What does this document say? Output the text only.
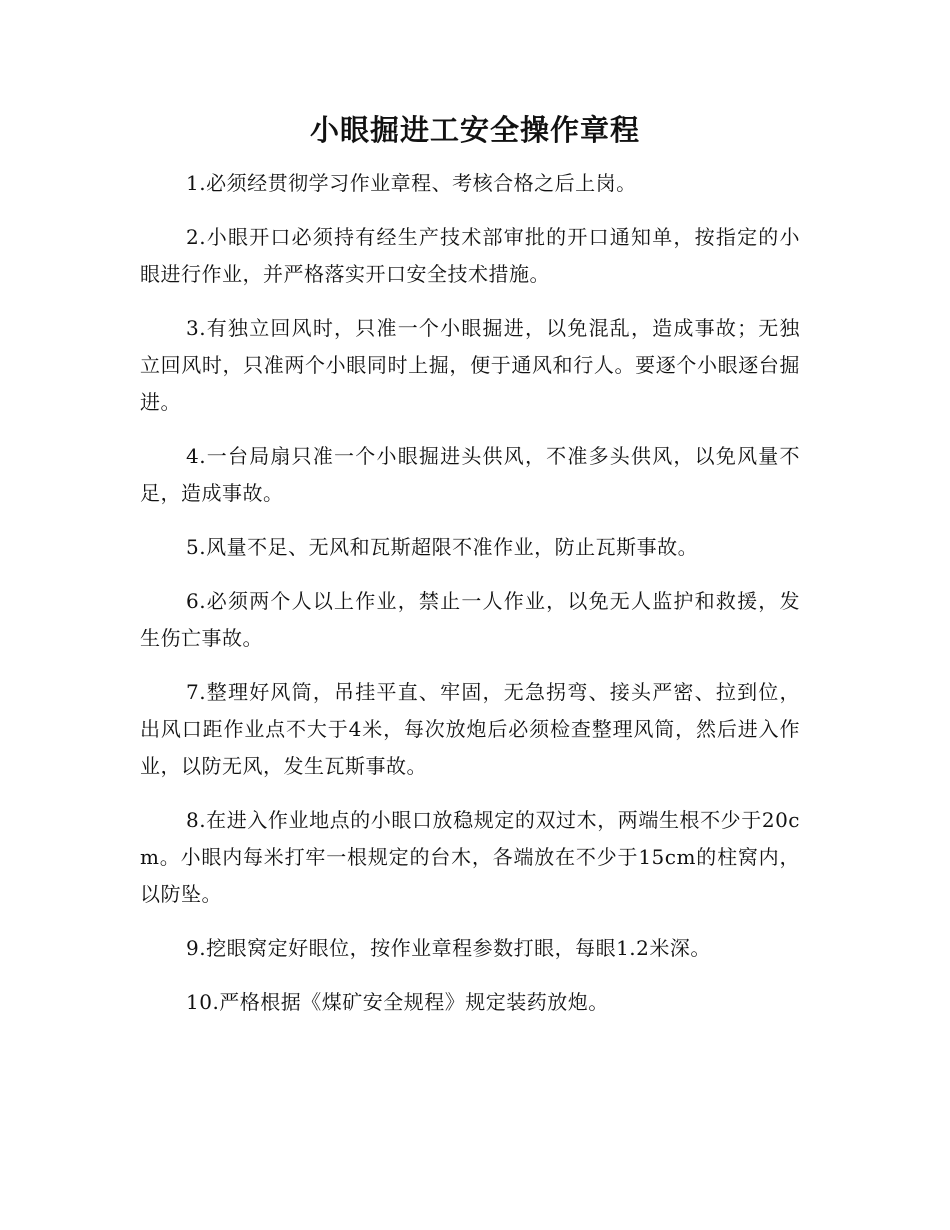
小眼掘进工安全操作章程

1.必须经贯彻学习作业章程、考核合格之后上岗。

2.小眼开口必须持有经生产技术部审批的开口通知单，按指定的小眼进行作业，并严格落实开口安全技术措施。

3.有独立回风时，只准一个小眼掘进，以免混乱，造成事故；无独立回风时，只准两个小眼同时上掘，便于通风和行人。要逐个小眼逐台掘进。

4.一台局扇只准一个小眼掘进头供风，不准多头供风，以免风量不足，造成事故。

5.风量不足、无风和瓦斯超限不准作业，防止瓦斯事故。

6.必须两个人以上作业，禁止一人作业，以免无人监护和救援，发生伤亡事故。

7.整理好风筒，吊挂平直、牢固，无急拐弯、接头严密、拉到位，出风口距作业点不大于4米，每次放炮后必须检查整理风筒，然后进入作业，以防无风，发生瓦斯事故。

8.在进入作业地点的小眼口放稳规定的双过木，两端生根不少于20cm。小眼内每米打牢一根规定的台木，各端放在不少于15cm的柱窝内，以防坠。

9.挖眼窝定好眼位，按作业章程参数打眼，每眼1.2米深。

10.严格根据《煤矿安全规程》规定装药放炮。
